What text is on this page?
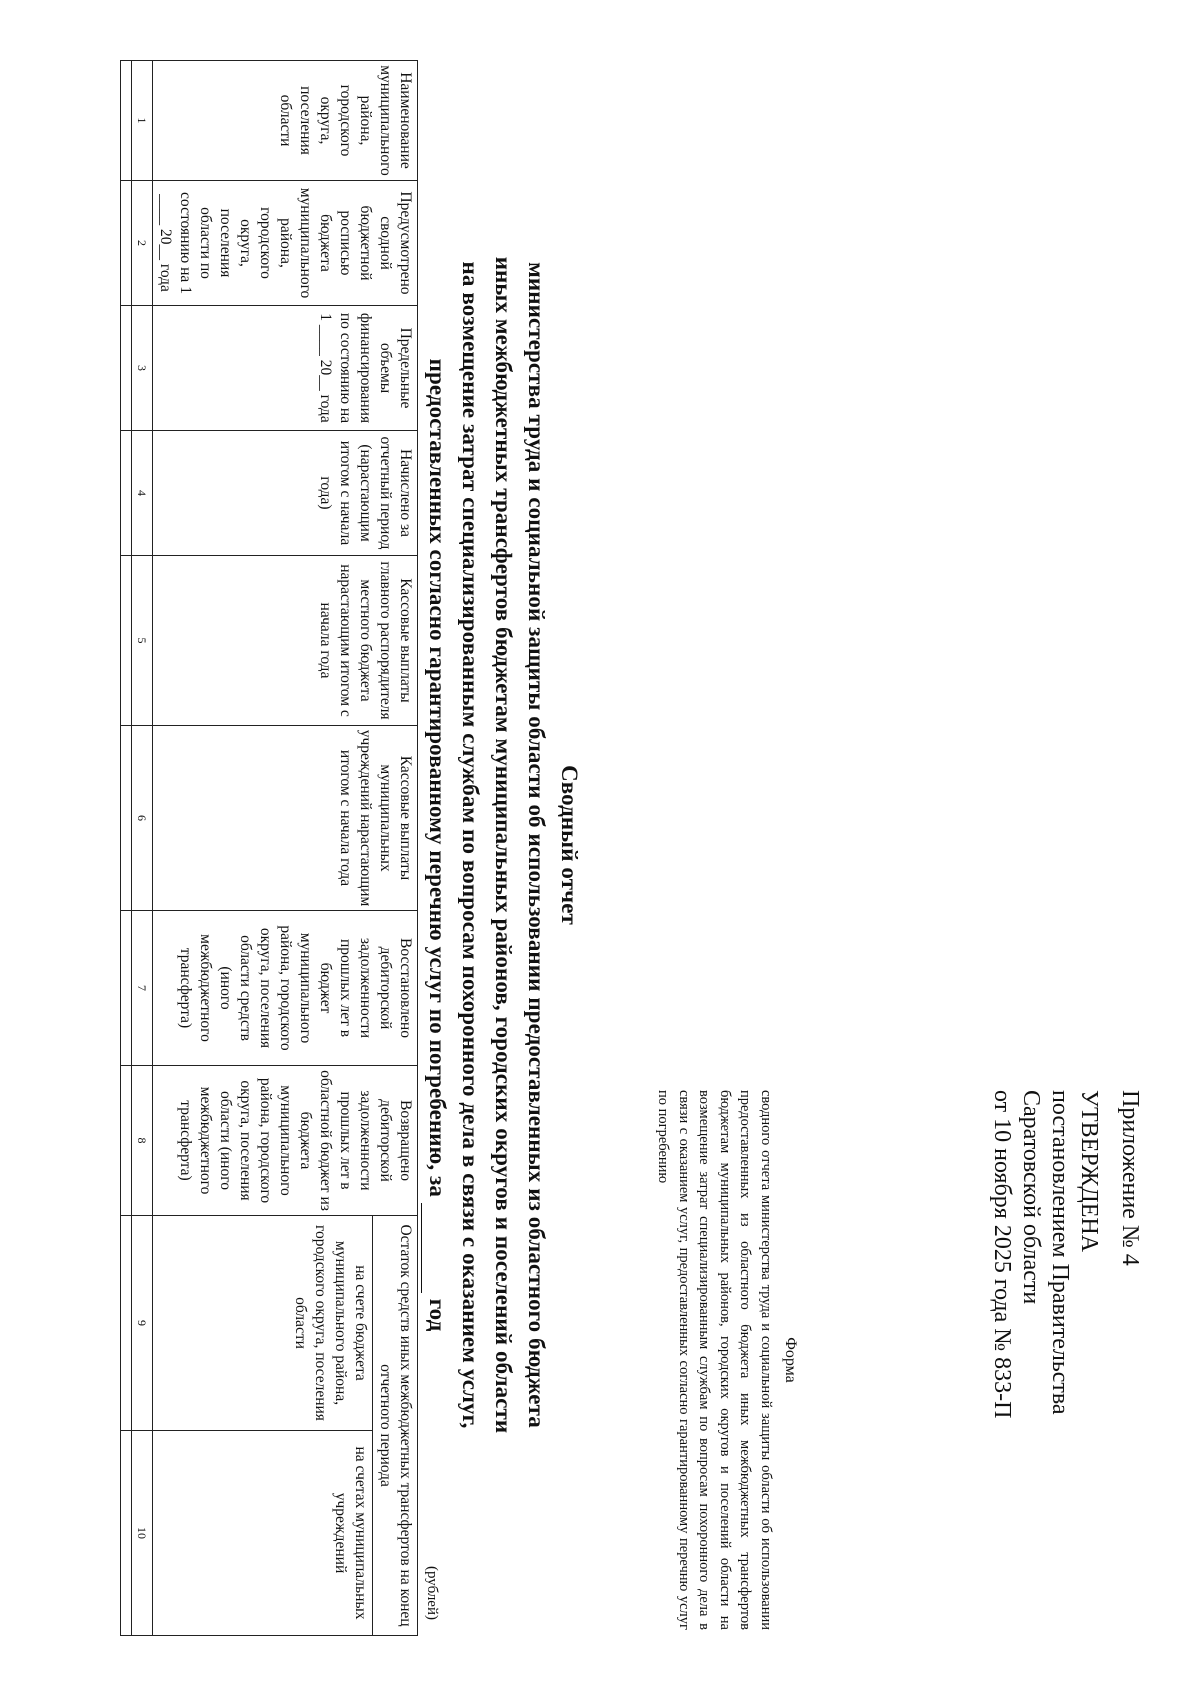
Приложение № 4
УТВЕРЖДЕНА
постановлением Правительства
Саратовской области
от 10 ноября 2025 года № 833-П
Форма
сводного отчета министерства труда и социальной защиты области об использовании предоставленных из областного бюджета иных межбюджетных трансфертов бюджетам муниципальных районов, городских округов и поселений области на возмещение затрат специализированным службам по вопросам похоронного дела в связи с оказанием услуг, предоставленных согласно гарантированному перечню услуг по погребению
Сводный отчет
министерства труда и социальной защиты области об использовании предоставленных из областного бюджета
иных межбюджетных трансфертов бюджетам муниципальных районов, городских округов и поселений области
на возмещение затрат специализированным службам по вопросам похоронного дела в связи с оказанием услуг,
предоставленных согласно гарантированному перечню услуг по погребению, за  год
(рублей)
Наименование муниципального района, городского округа, поселения области	Предусмотрено сводной бюджетной росписью бюджета муниципального района, городского округа, поселения области по состоянию на 1 ____ 20__ года	Предельные объемы финансирования по состоянию на 1 ____ 20__ года	Начислено за отчетный период (нарастающим итогом с начала года)	Кассовые выплаты главного распорядителя местного бюджета нарастающим итогом с начала года	Кассовые выплаты муниципальных учреждений нарастающим итогом с начала года	Восстановлено дебиторской задолженности прошлых лет в бюджет муниципального района, городского округа, поселения области средств (иного межбюджетного трансферта)	Возвращено дебиторской задолженности прошлых лет в областной бюджет из бюджета муниципального района, городского округа, поселения области (иного межбюджетного трансферта)	Остаток средств иных межбюджетных трансфертов на конец отчетного периода	
								на счете бюджета муниципального района, городского округа, поселения области	на счетах муниципальных учреждений
1	2	3	4	5	6	7	8	9	10
